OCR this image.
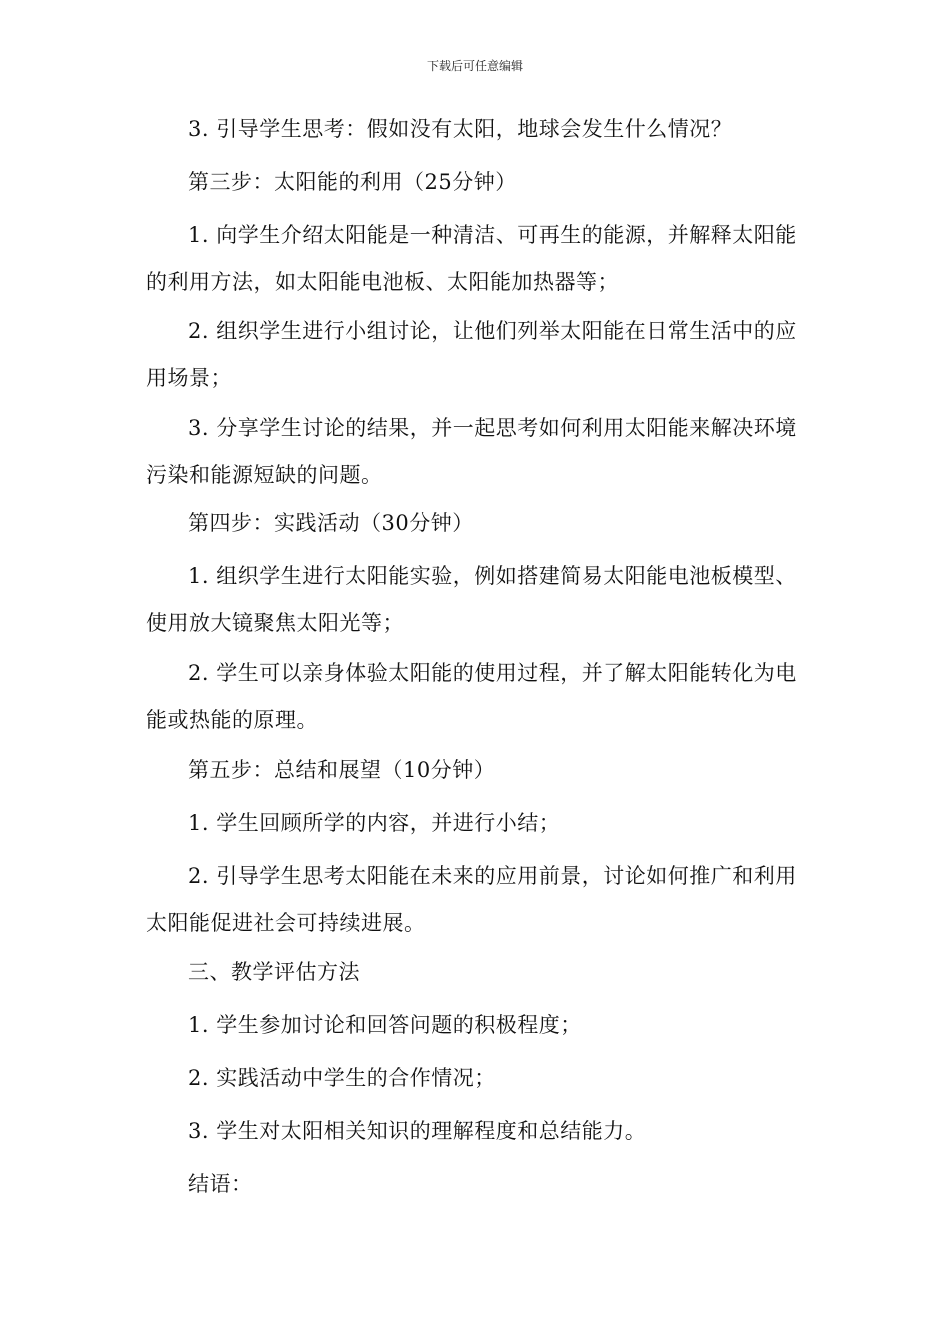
下载后可任意编辑

3. 引导学生思考：假如没有太阳，地球会发生什么情况？

第三步：太阳能的利用（25分钟）

1. 向学生介绍太阳能是一种清洁、可再生的能源，并解释太阳能的利用方法，如太阳能电池板、太阳能加热器等；

2. 组织学生进行小组讨论，让他们列举太阳能在日常生活中的应用场景；

3. 分享学生讨论的结果，并一起思考如何利用太阳能来解决环境污染和能源短缺的问题。

第四步：实践活动（30分钟）

1. 组织学生进行太阳能实验，例如搭建简易太阳能电池板模型、使用放大镜聚焦太阳光等；

2. 学生可以亲身体验太阳能的使用过程，并了解太阳能转化为电能或热能的原理。

第五步：总结和展望（10分钟）

1. 学生回顾所学的内容，并进行小结；

2. 引导学生思考太阳能在未来的应用前景，讨论如何推广和利用太阳能促进社会可持续进展。

三、教学评估方法

1. 学生参加讨论和回答问题的积极程度；

2. 实践活动中学生的合作情况；

3. 学生对太阳相关知识的理解程度和总结能力。

结语：
